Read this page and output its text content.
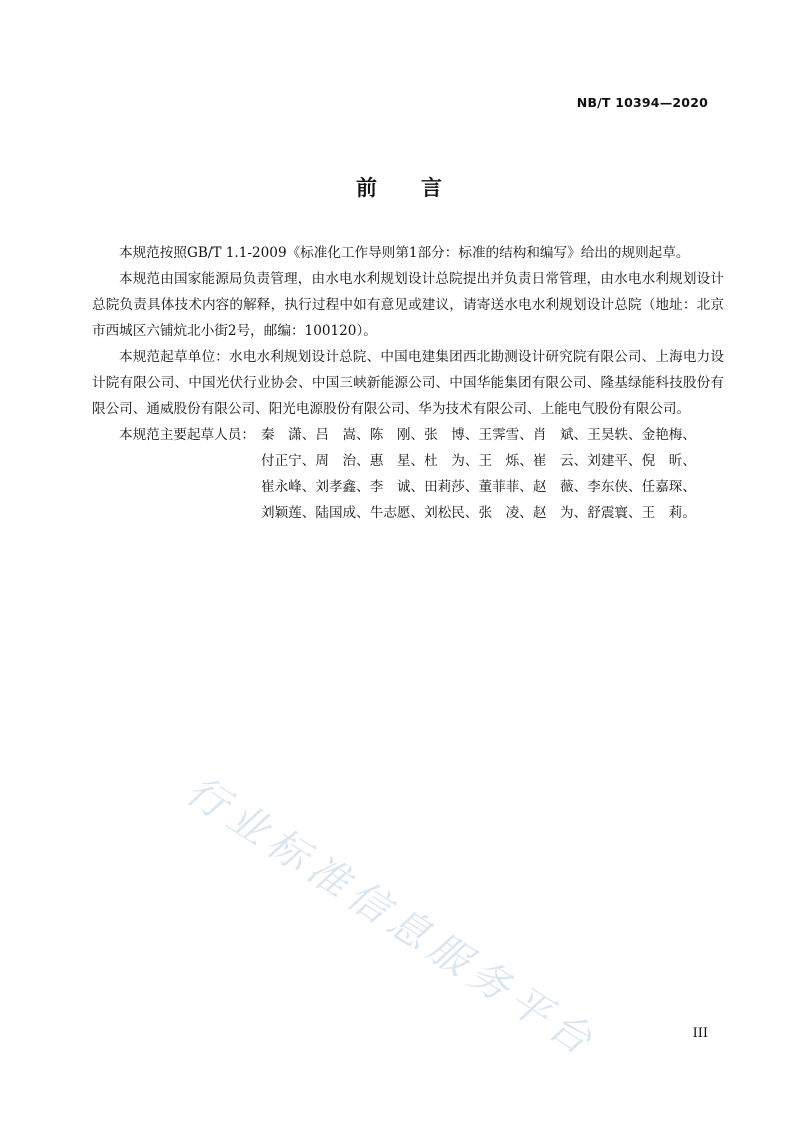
NB/T 10394—2020
前 言

本规范按照GB/T 1.1-2009《标准化工作导则第1部分：标准的结构和编写》给出的规则起草。

本规范由国家能源局负责管理，由水电水利规划设计总院提出并负责日常管理，由水电水利规划设计总院负责具体技术内容的解释，执行过程中如有意见或建议，请寄送水电水利规划设计总院（地址：北京市西城区六铺炕北小街2号，邮编：100120）。

本规范起草单位：水电水利规划设计总院、中国电建集团西北勘测设计研究院有限公司、上海电力设计院有限公司、中国光伏行业协会、中国三峡新能源公司、中国华能集团有限公司、隆基绿能科技股份有限公司、通威股份有限公司、阳光电源股份有限公司、华为技术有限公司、上能电气股份有限公司。

本规范主要起草人员： 秦　潇、吕　嵩、陈　刚、张　博、王霁雪、肖　斌、王昊轶、金艳梅、
付正宁、周　治、惠　星、杜　为、王　烁、崔　云、刘建平、倪　昕、
崔永峰、刘孝鑫、李　诚、田莉莎、董菲菲、赵　薇、李东侠、任嘉琛、
刘颖莲、陆国成、牛志愿、刘松民、张　凌、赵　为、舒震寰、王　莉。
行业标准信息服务平台	III
